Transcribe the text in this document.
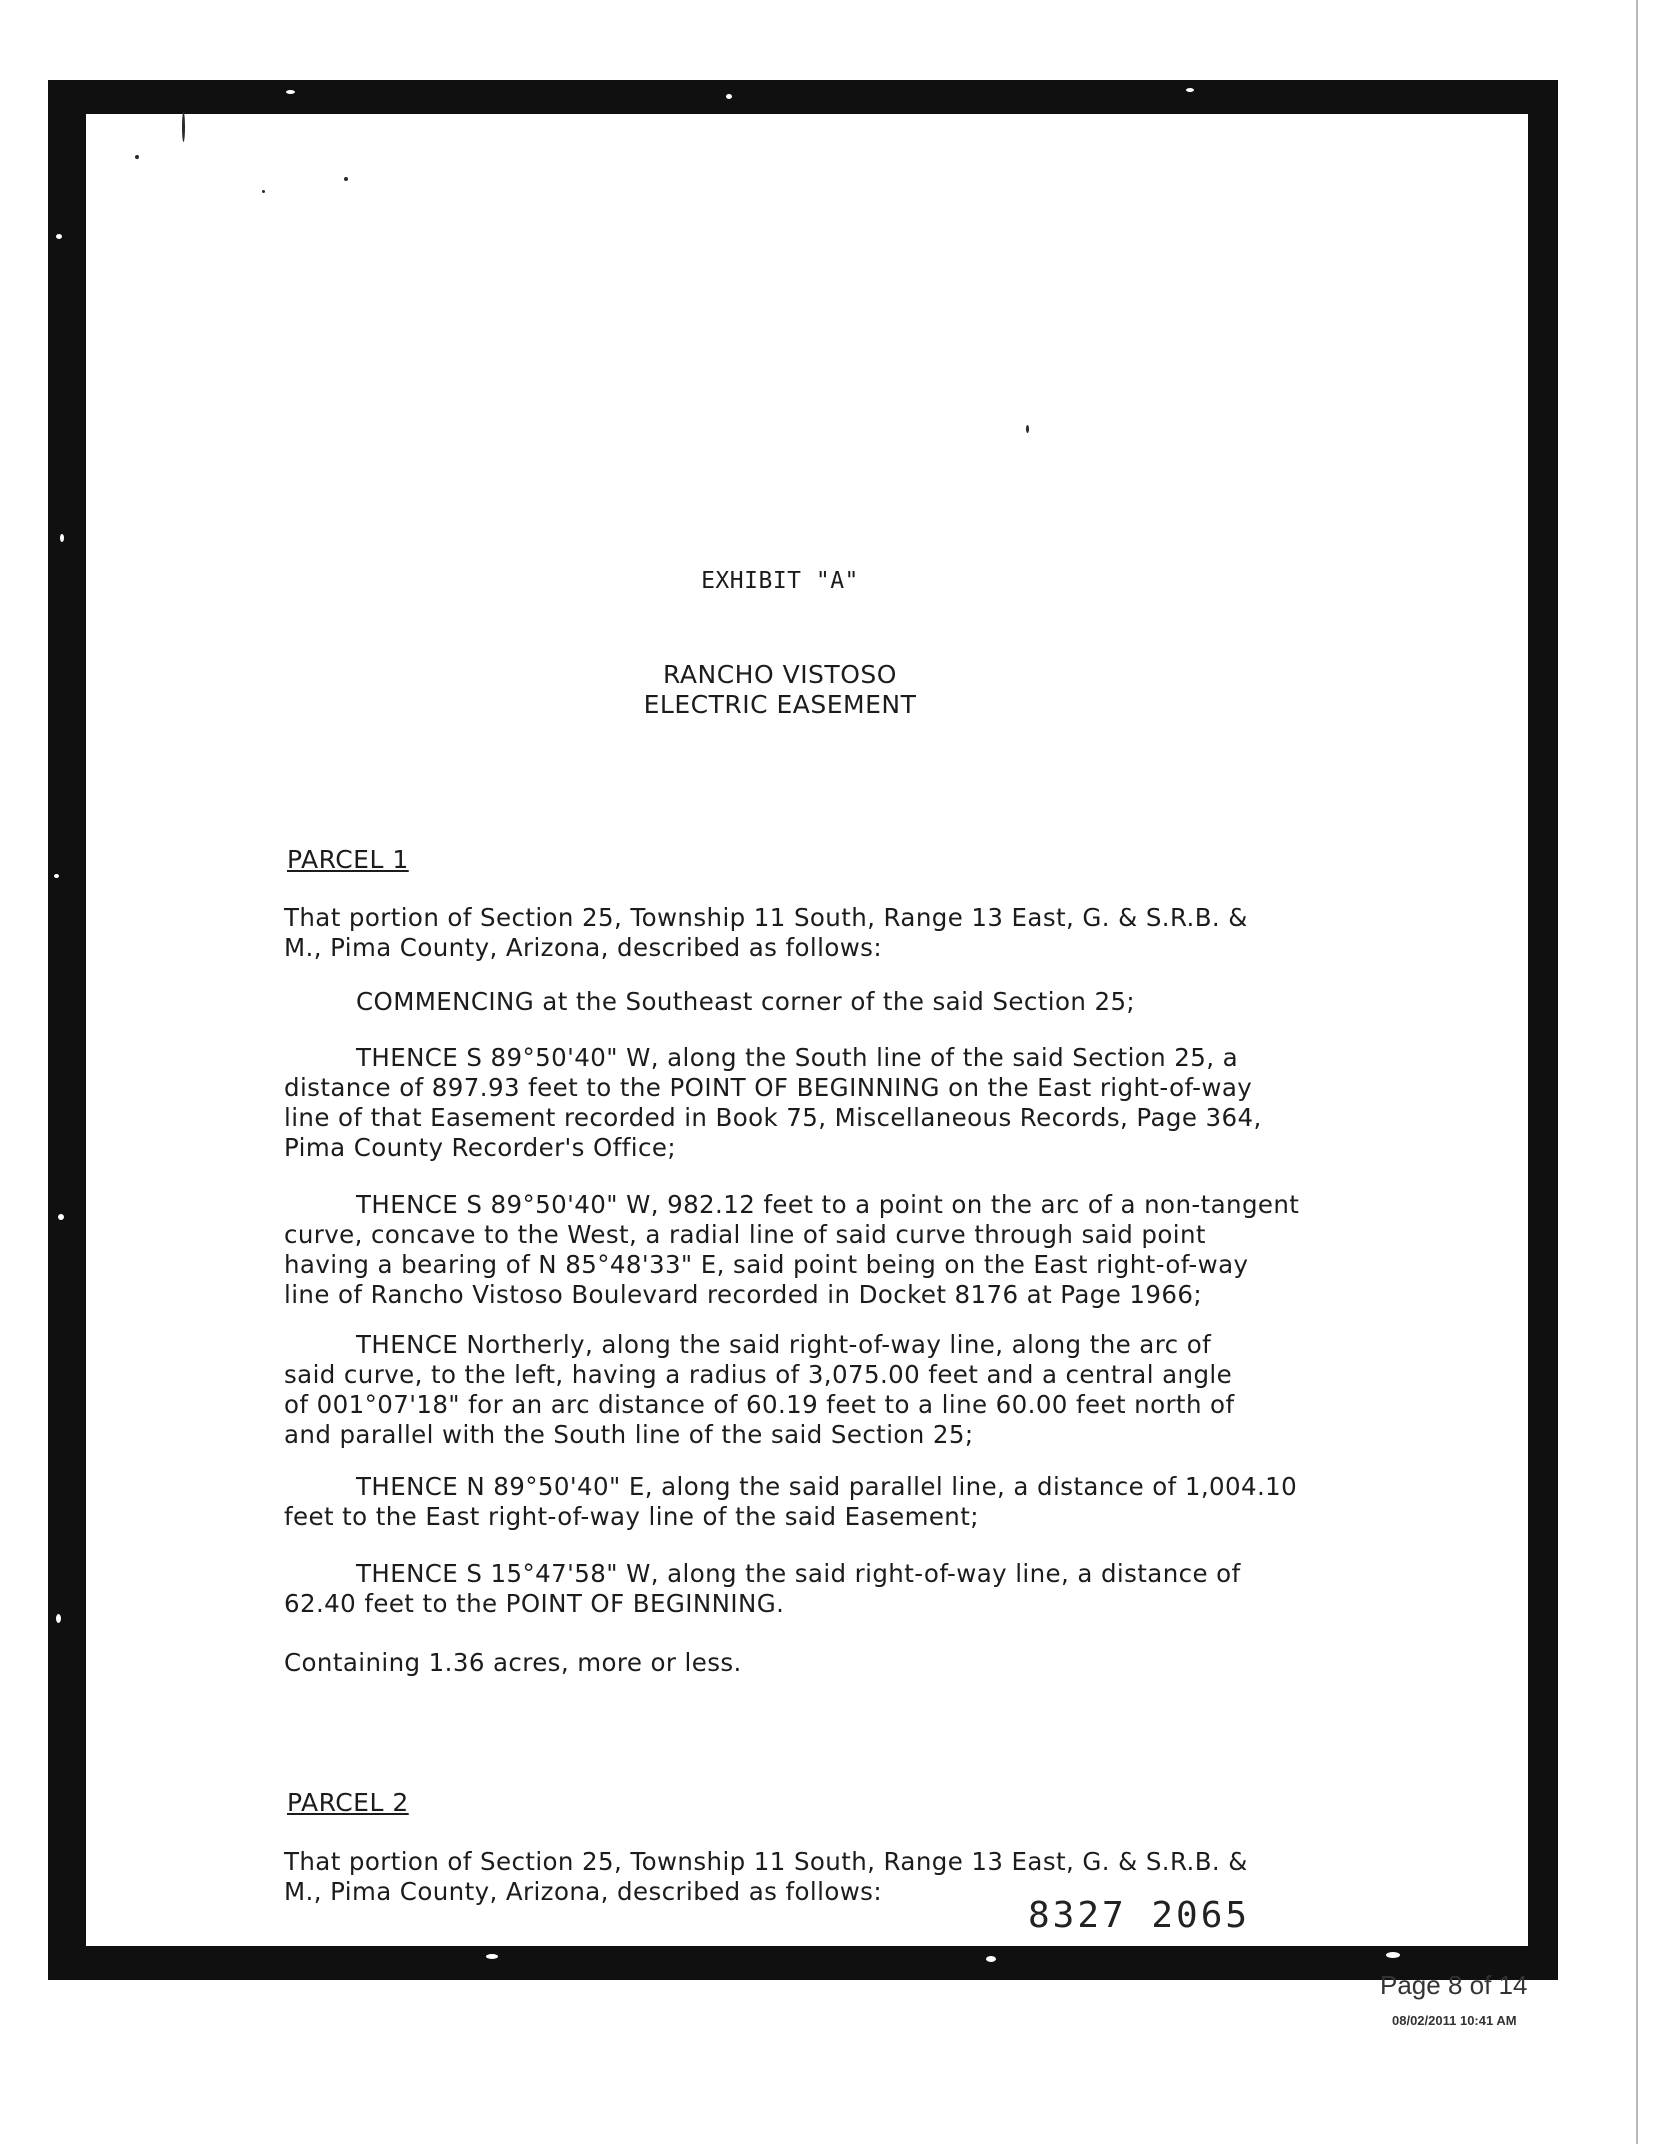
EXHIBIT "A"
RANCHO VISTOSO
ELECTRIC EASEMENT
PARCEL 1

That portion of Section 25, Township 11 South, Range 13 East, G. & S.R.B. &
M., Pima County, Arizona, described as follows:

COMMENCING at the Southeast corner of the said Section 25;

THENCE S 89°50'40" W, along the South line of the said Section 25, a
distance of 897.93 feet to the POINT OF BEGINNING on the East right-of-way
line of that Easement recorded in Book 75, Miscellaneous Records, Page 364,
Pima County Recorder's Office;

THENCE S 89°50'40" W, 982.12 feet to a point on the arc of a non-tangent
curve, concave to the West, a radial line of said curve through said point
having a bearing of N 85°48'33" E, said point being on the East right-of-way
line of Rancho Vistoso Boulevard recorded in Docket 8176 at Page 1966;

THENCE Northerly, along the said right-of-way line, along the arc of
said curve, to the left, having a radius of 3,075.00 feet and a central angle
of 001°07'18" for an arc distance of 60.19 feet to a line 60.00 feet north of
and parallel with the South line of the said Section 25;

THENCE N 89°50'40" E, along the said parallel line, a distance of 1,004.10
feet to the East right-of-way line of the said Easement;

THENCE S 15°47'58" W, along the said right-of-way line, a distance of
62.40 feet to the POINT OF BEGINNING.

Containing 1.36 acres, more or less.

PARCEL 2

That portion of Section 25, Township 11 South, Range 13 East, G. & S.R.B. &
M., Pima County, Arizona, described as follows:

8327 2065
Page 8 of 14
08/02/2011 10:41 AM
